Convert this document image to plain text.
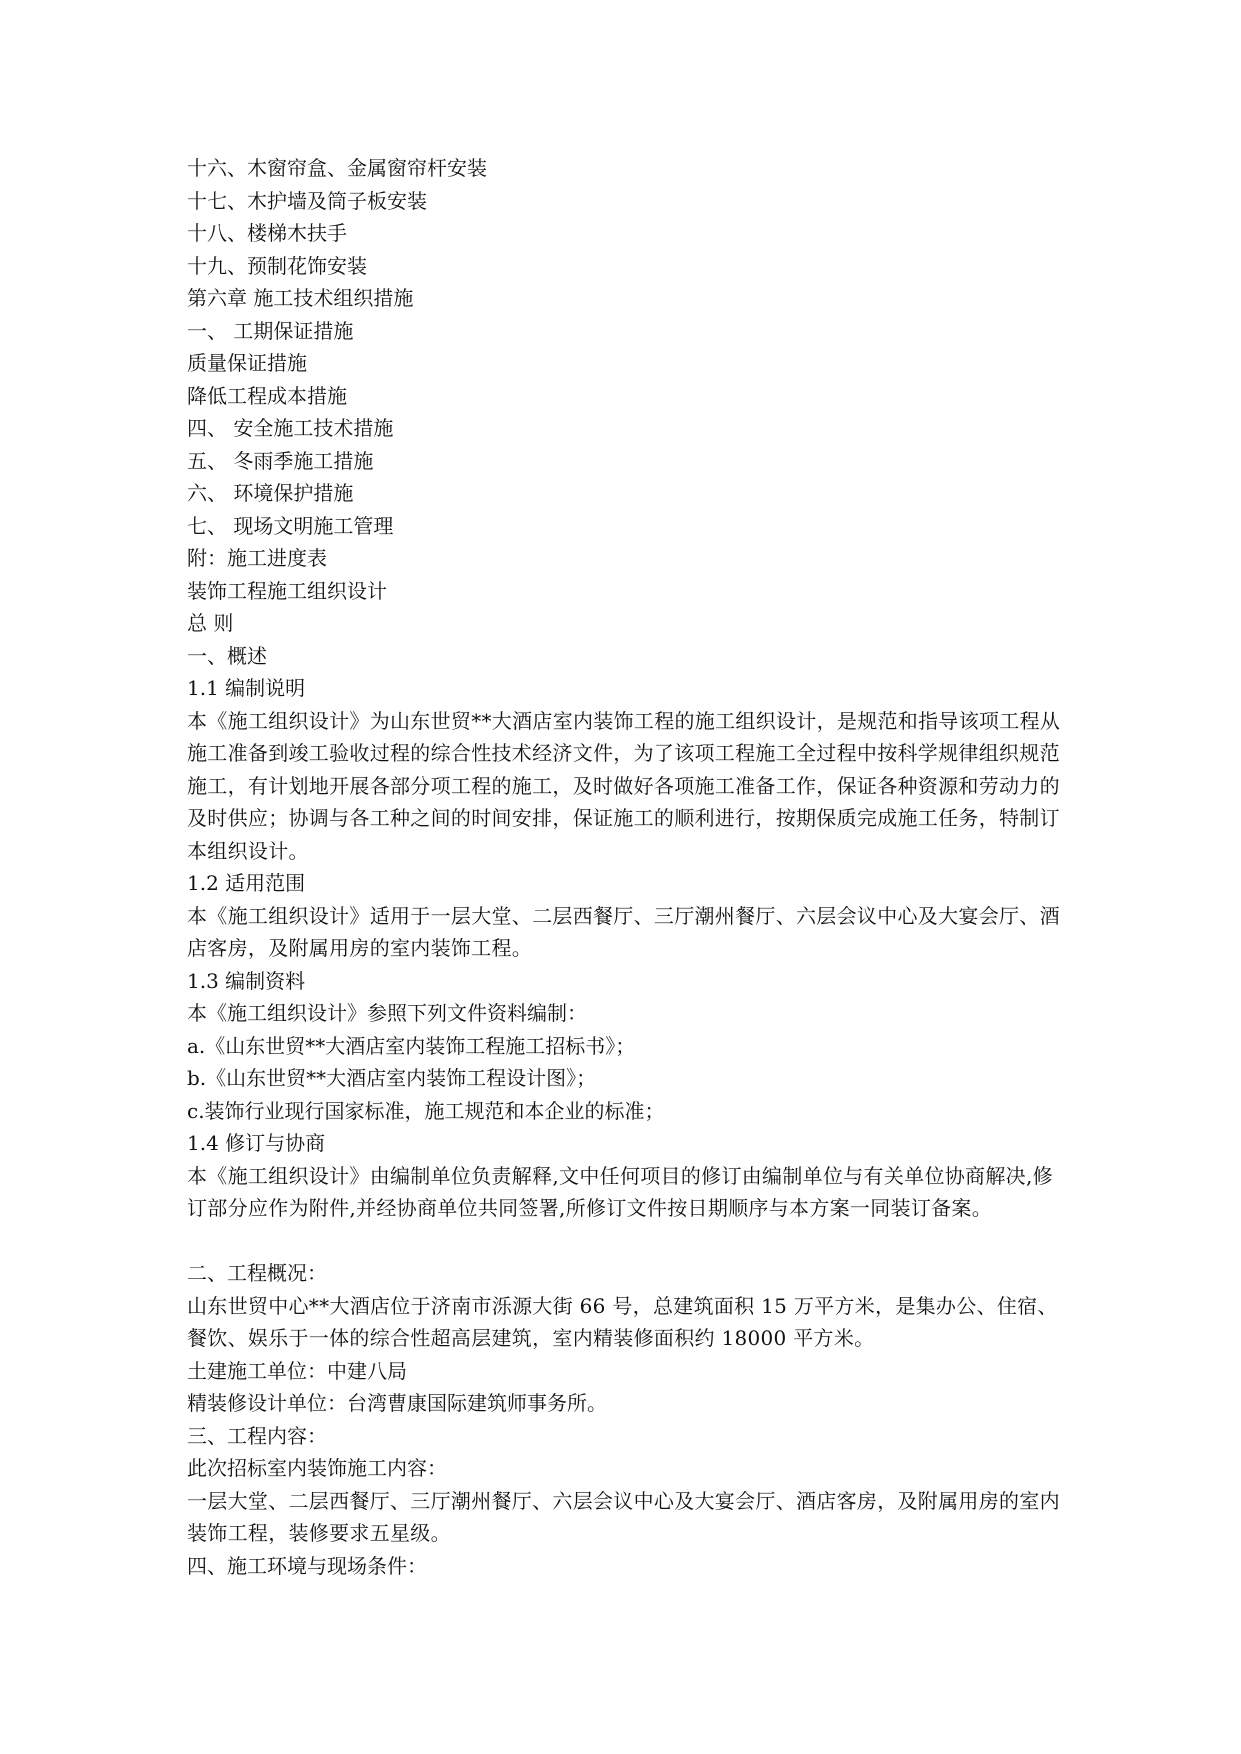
十六、木窗帘盒、金属窗帘杆安装
十七、木护墙及筒子板安装
十八、楼梯木扶手
十九、预制花饰安装
第六章 施工技术组织措施
一、 工期保证措施
质量保证措施
降低工程成本措施
四、 安全施工技术措施
五、 冬雨季施工措施
六、 环境保护措施
七、 现场文明施工管理
附：施工进度表
装饰工程施工组织设计
总 则
一、概述
1.1 编制说明
本《施工组织设计》为山东世贸**大酒店室内装饰工程的施工组织设计，是规范和指导该项工程从施工准备到竣工验收过程的综合性技术经济文件，为了该项工程施工全过程中按科学规律组织规范施工，有计划地开展各部分项工程的施工，及时做好各项施工准备工作，保证各种资源和劳动力的及时供应；协调与各工种之间的时间安排，保证施工的顺利进行，按期保质完成施工任务，特制订本组织设计。
1.2 适用范围
本《施工组织设计》适用于一层大堂、二层西餐厅、三厅潮州餐厅、六层会议中心及大宴会厅、酒店客房，及附属用房的室内装饰工程。
1.3 编制资料
本《施工组织设计》参照下列文件资料编制：
a.《山东世贸**大酒店室内装饰工程施工招标书》；
b.《山东世贸**大酒店室内装饰工程设计图》；
c.装饰行业现行国家标准，施工规范和本企业的标准；
1.4 修订与协商
本《施工组织设计》由编制单位负责解释,文中任何项目的修订由编制单位与有关单位协商解决,修订部分应作为附件,并经协商单位共同签署,所修订文件按日期顺序与本方案一同装订备案。
二、工程概况：
山东世贸中心**大酒店位于济南市泺源大街 66 号，总建筑面积 15 万平方米，是集办公、住宿、餐饮、娱乐于一体的综合性超高层建筑，室内精装修面积约 18000 平方米。
土建施工单位：中建八局
精装修设计单位：台湾曹康国际建筑师事务所。
三、工程内容：
此次招标室内装饰施工内容：
一层大堂、二层西餐厅、三厅潮州餐厅、六层会议中心及大宴会厅、酒店客房，及附属用房的室内装饰工程，装修要求五星级。
四、施工环境与现场条件：
